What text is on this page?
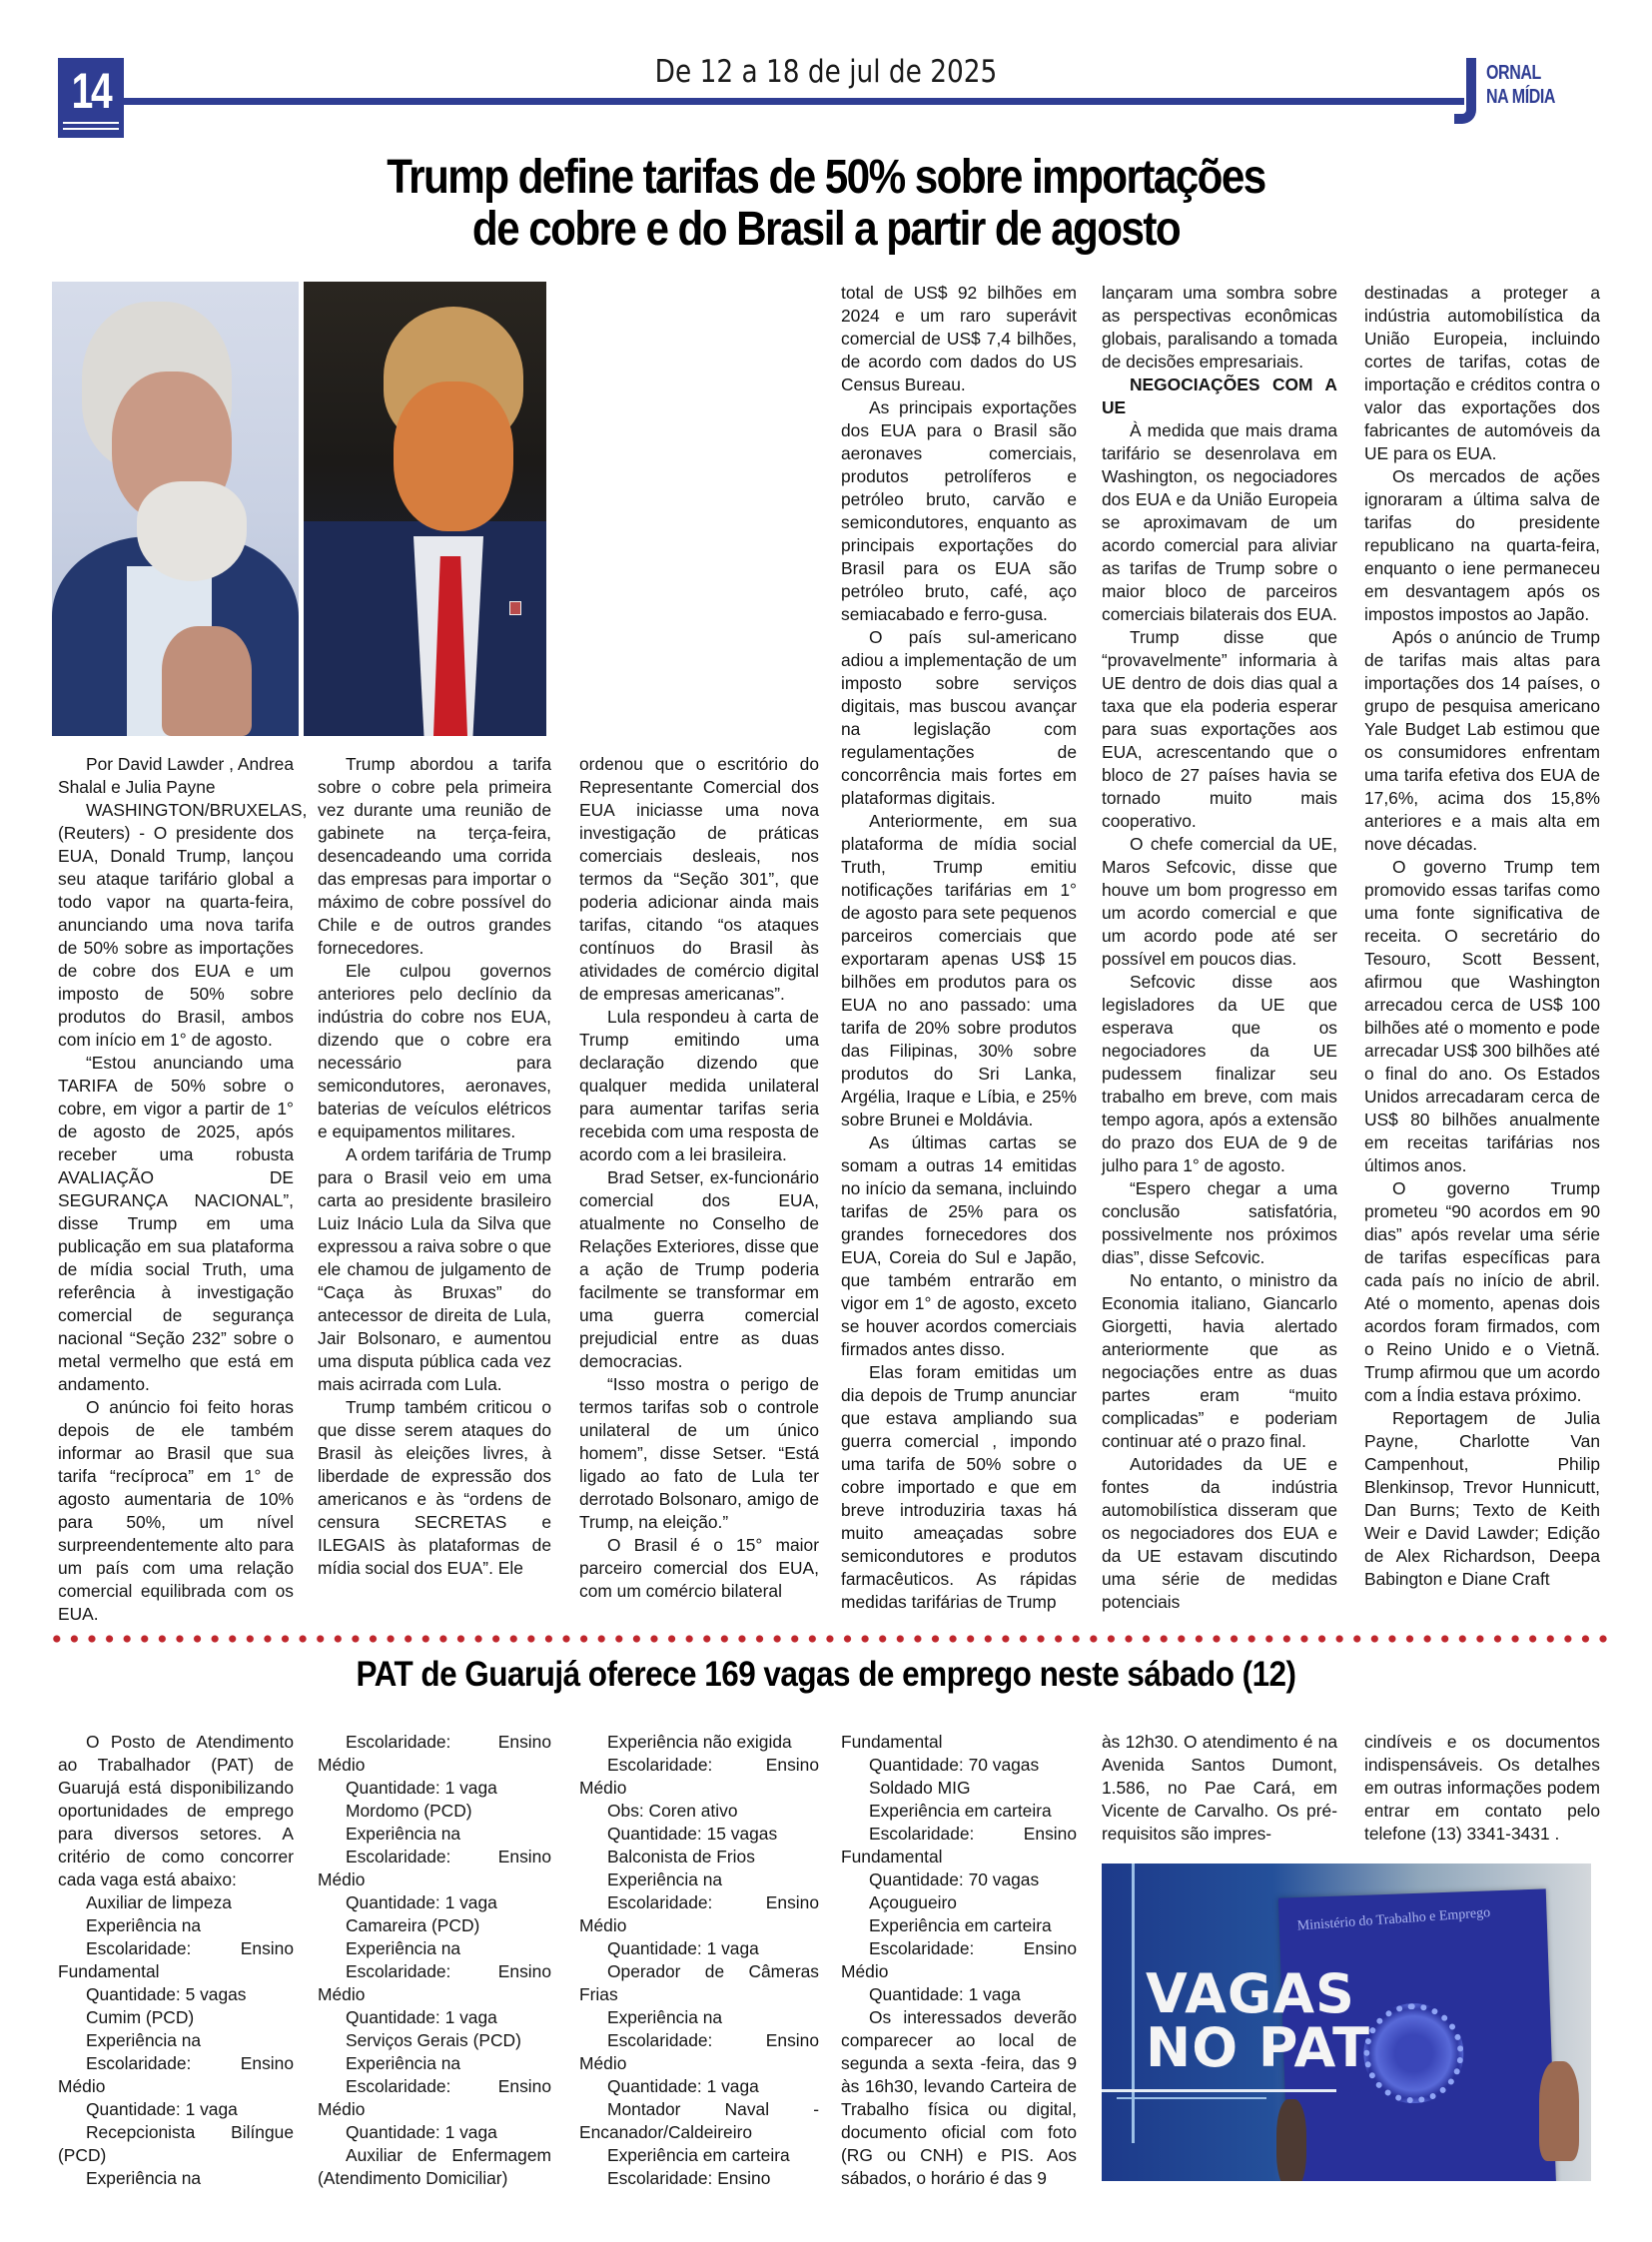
14	De 12 a 18 de jul de 2025	ORNAL
NA MÍDIA
Trump define tarifas de 50% sobre importações
de cobre e do Brasil a partir de agosto

Por David Lawder , Andrea Shalal e Julia Payne

WASHINGTON/BRUXELAS, (Reuters) - O presidente dos EUA, Donald Trump, lançou seu ataque tarifário global a todo vapor na quarta-feira, anunciando uma nova tarifa de 50% sobre as importações de cobre dos EUA e um imposto de 50% sobre produtos do Brasil, ambos com início em 1° de agosto.

“Estou anunciando uma TARIFA de 50% sobre o cobre, em vigor a partir de 1° de agosto de 2025, após receber uma robusta AVALIAÇÃO DE SEGURANÇA NACIONAL”, disse Trump em uma publicação em sua plataforma de mídia social Truth, uma referência à investigação comercial de segurança nacional “Seção 232” sobre o metal vermelho que está em andamento.

O anúncio foi feito horas depois de ele também informar ao Brasil que sua tarifa “recíproca” em 1° de agosto aumentaria de 10% para 50%, um nível surpreendentemente alto para um país com uma relação comercial equilibrada com os EUA.

Trump abordou a tarifa sobre o cobre pela primeira vez durante uma reunião de gabinete na terça-feira, desencadeando uma corrida das empresas para importar o máximo de cobre possível do Chile e de outros grandes fornecedores.

Ele culpou governos anteriores pelo declínio da indústria do cobre nos EUA, dizendo que o cobre era necessário para semicondutores, aeronaves, baterias de veículos elétricos e equipamentos militares.

A ordem tarifária de Trump para o Brasil veio em uma carta ao presidente brasileiro Luiz Inácio Lula da Silva que expressou a raiva sobre o que ele chamou de julgamento de “Caça às Bruxas” do antecessor de direita de Lula, Jair Bolsonaro, e aumentou uma disputa pública cada vez mais acirrada com Lula.

Trump também criticou o que disse serem ataques do Brasil às eleições livres, à liberdade de expressão dos americanos e às “ordens de censura SECRETAS e ILEGAIS às plataformas de mídia social dos EUA”. Ele

ordenou que o escritório do Representante Comercial dos EUA iniciasse uma nova investigação de práticas comerciais desleais, nos termos da “Seção 301”, que poderia adicionar ainda mais tarifas, citando “os ataques contínuos do Brasil às atividades de comércio digital de empresas americanas”.

Lula respondeu à carta de Trump emitindo uma declaração dizendo que qualquer medida unilateral para aumentar tarifas seria recebida com uma resposta de acordo com a lei brasileira.

Brad Setser, ex-funcionário comercial dos EUA, atualmente no Conselho de Relações Exteriores, disse que a ação de Trump poderia facilmente se transformar em uma guerra comercial prejudicial entre as duas democracias.

“Isso mostra o perigo de termos tarifas sob o controle unilateral de um único homem”, disse Setser. “Está ligado ao fato de Lula ter derrotado Bolsonaro, amigo de Trump, na eleição.”

O Brasil é o 15° maior parceiro comercial dos EUA, com um comércio bilateral

total de US$ 92 bilhões em 2024 e um raro superávit comercial de US$ 7,4 bilhões, de acordo com dados do US Census Bureau.

As principais exportações dos EUA para o Brasil são aeronaves comerciais, produtos petrolíferos e petróleo bruto, carvão e semicondutores, enquanto as principais exportações do Brasil para os EUA são petróleo bruto, café, aço semiacabado e ferro-gusa.

O país sul-americano adiou a implementação de um imposto sobre serviços digitais, mas buscou avançar na legislação com regulamentações de concorrência mais fortes em plataformas digitais.

Anteriormente, em sua plataforma de mídia social Truth, Trump emitiu notificações tarifárias em 1° de agosto para sete pequenos parceiros comerciais que exportaram apenas US$ 15 bilhões em produtos para os EUA no ano passado: uma tarifa de 20% sobre produtos das Filipinas, 30% sobre produtos do Sri Lanka, Argélia, Iraque e Líbia, e 25% sobre Brunei e Moldávia.

As últimas cartas se somam a outras 14 emitidas no início da semana, incluindo tarifas de 25% para os grandes fornecedores dos EUA, Coreia do Sul e Japão, que também entrarão em vigor em 1° de agosto, exceto se houver acordos comerciais firmados antes disso.

Elas foram emitidas um dia depois de Trump anunciar que estava ampliando sua guerra comercial , impondo uma tarifa de 50% sobre o cobre importado e que em breve introduziria taxas há muito ameaçadas sobre semicondutores e produtos farmacêuticos. As rápidas medidas tarifárias de Trump

lançaram uma sombra sobre as perspectivas econômicas globais, paralisando a tomada de decisões empresariais.

NEGOCIAÇÕES COM A UE

À medida que mais drama tarifário se desenrolava em Washington, os negociadores dos EUA e da União Europeia se aproximavam de um acordo comercial para aliviar as tarifas de Trump sobre o maior bloco de parceiros comerciais bilaterais dos EUA.

Trump disse que “provavelmente” informaria à UE dentro de dois dias qual a taxa que ela poderia esperar para suas exportações aos EUA, acrescentando que o bloco de 27 países havia se tornado muito mais cooperativo.

O chefe comercial da UE, Maros Sefcovic, disse que houve um bom progresso em um acordo comercial e que um acordo pode até ser possível em poucos dias.

Sefcovic disse aos legisladores da UE que esperava que os negociadores da UE pudessem finalizar seu trabalho em breve, com mais tempo agora, após a extensão do prazo dos EUA de 9 de julho para 1° de agosto.

“Espero chegar a uma conclusão satisfatória, possivelmente nos próximos dias”, disse Sefcovic.

No entanto, o ministro da Economia italiano, Giancarlo Giorgetti, havia alertado anteriormente que as negociações entre as duas partes eram “muito complicadas” e poderiam continuar até o prazo final.

Autoridades da UE e fontes da indústria automobilística disseram que os negociadores dos EUA e da UE estavam discutindo uma série de medidas potenciais

destinadas a proteger a indústria automobilística da União Europeia, incluindo cortes de tarifas, cotas de importação e créditos contra o valor das exportações dos fabricantes de automóveis da UE para os EUA.

Os mercados de ações ignoraram a última salva de tarifas do presidente republicano na quarta-feira, enquanto o iene permaneceu em desvantagem após os impostos impostos ao Japão.

Após o anúncio de Trump de tarifas mais altas para importações dos 14 países, o grupo de pesquisa americano Yale Budget Lab estimou que os consumidores enfrentam uma tarifa efetiva dos EUA de 17,6%, acima dos 15,8% anteriores e a mais alta em nove décadas.

O governo Trump tem promovido essas tarifas como uma fonte significativa de receita. O secretário do Tesouro, Scott Bessent, afirmou que Washington arrecadou cerca de US$ 100 bilhões até o momento e pode arrecadar US$ 300 bilhões até o final do ano. Os Estados Unidos arrecadaram cerca de US$ 80 bilhões anualmente em receitas tarifárias nos últimos anos.

O governo Trump prometeu “90 acordos em 90 dias” após revelar uma série de tarifas específicas para cada país no início de abril. Até o momento, apenas dois acordos foram firmados, com o Reino Unido e o Vietnã. Trump afirmou que um acordo com a Índia estava próximo.

Reportagem de Julia Payne, Charlotte Van Campenhout, Philip Blenkinsop, Trevor Hunnicutt, Dan Burns; Texto de Keith Weir e David Lawder; Edição de Alex Richardson, Deepa Babington e Diane Craft

PAT de Guarujá oferece 169 vagas de emprego neste sábado (12)

O Posto de Atendimento ao Trabalhador (PAT) de Guarujá está disponibilizando oportunidades de emprego para diversos setores. A critério de como concorrer cada vaga está abaixo:

Auxiliar de limpeza

Experiência na

Escolaridade: Ensino Fundamental

Quantidade: 5 vagas

Cumim (PCD)

Experiência na

Escolaridade: Ensino Médio

Quantidade: 1 vaga

Recepcionista Bilíngue (PCD)

Experiência na

Escolaridade: Ensino Médio

Quantidade: 1 vaga

Mordomo (PCD)

Experiência na

Escolaridade: Ensino Médio

Quantidade: 1 vaga

Camareira (PCD)

Experiência na

Escolaridade: Ensino Médio

Quantidade: 1 vaga

Serviços Gerais (PCD)

Experiência na

Escolaridade: Ensino Médio

Quantidade: 1 vaga

Auxiliar de Enfermagem (Atendimento Domiciliar)

Experiência não exigida

Escolaridade: Ensino Médio

Obs: Coren ativo

Quantidade: 15 vagas

Balconista de Frios

Experiência na

Escolaridade: Ensino Médio

Quantidade: 1 vaga

Operador de Câmeras Frias

Experiência na

Escolaridade: Ensino Médio

Quantidade: 1 vaga

Montador Naval - Encanador/Caldeireiro

Experiência em carteira

Escolaridade: Ensino

Fundamental

Quantidade: 70 vagas

Soldado MIG

Experiência em carteira

Escolaridade: Ensino Fundamental

Quantidade: 70 vagas

Açougueiro

Experiência em carteira

Escolaridade: Ensino Médio

Quantidade: 1 vaga

Os interessados deverão comparecer ao local de segunda a sexta -feira, das 9 às 16h30, levando Carteira de Trabalho física ou digital, documento oficial com foto (RG ou CNH) e PIS. Aos sábados, o horário é das 9

às 12h30. O atendimento é na Avenida Santos Dumont, 1.586, no Pae Cará, em Vicente de Carvalho. Os pré-requisitos são impres-

cindíveis e os documentos indispensáveis. Os detalhes em outras informações podem entrar em contato pelo telefone (13) 3341-3431 .

Ministério do Trabalho e Emprego
VAGAS
NO PAT
